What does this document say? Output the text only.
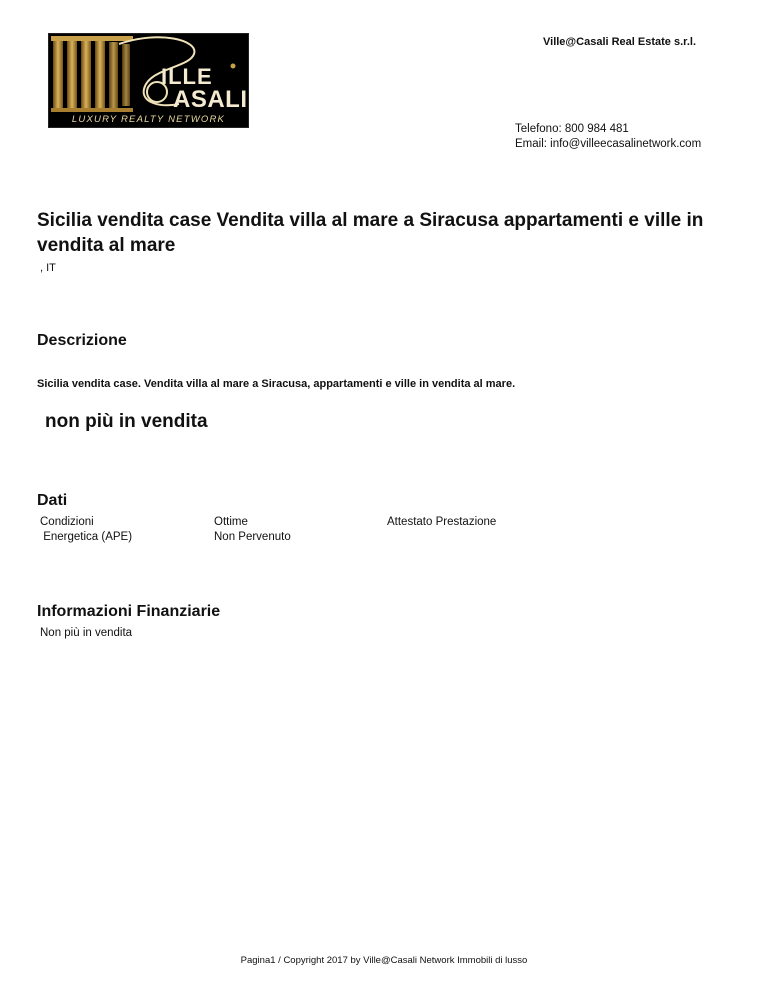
ILLE
ASALI
LUXURY REALTY NETWORK
Ville@Casali Real Estate s.r.l.
Telefono: 800 984 481
Email: info@villeecasalinetwork.com
Sicilia vendita case Vendita villa al mare a Siracusa appartamenti e ville in vendita al mare
, IT
Descrizione
Sicilia vendita case. Vendita villa al mare a Siracusa, appartamenti e ville in vendita al mare.
non più in vendita
Dati
Condizioni
Energetica (APE)
Ottime
Non Pervenuto
Attestato Prestazione
Informazioni Finanziarie
Non più in vendita
Pagina1 / Copyright 2017 by Ville@Casali Network Immobili di lusso
